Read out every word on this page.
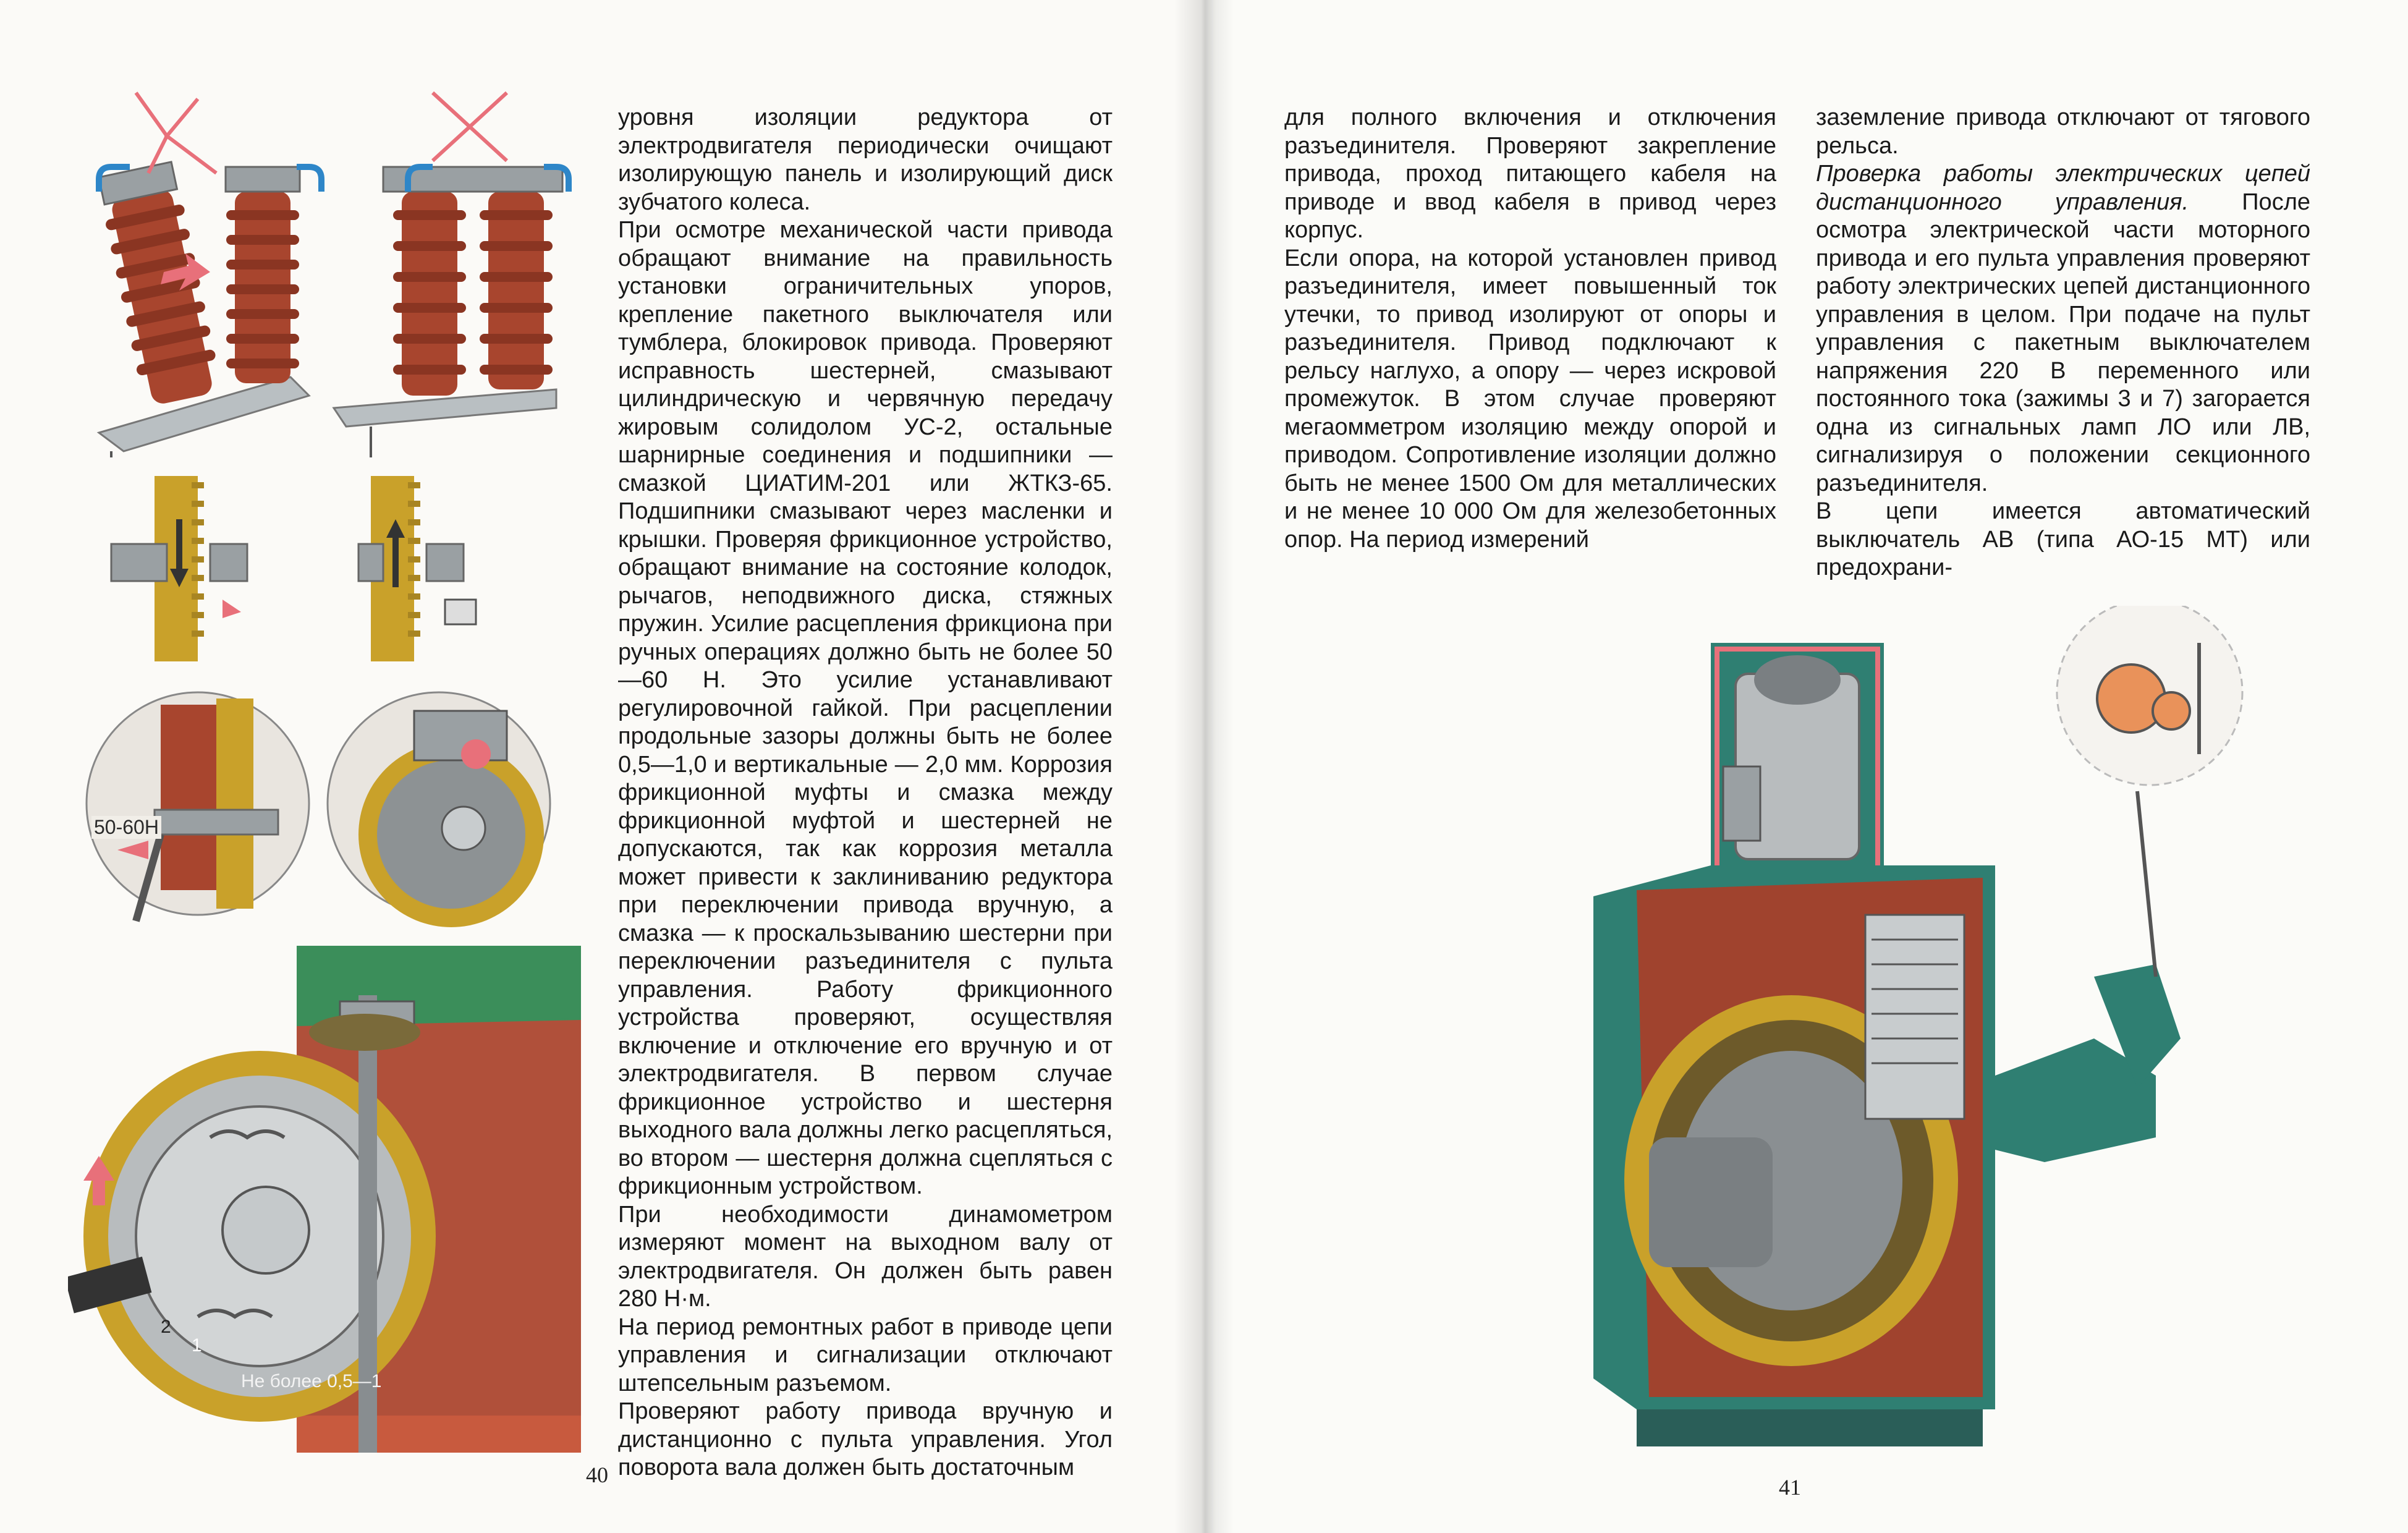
50-60Н
Не более 0,5—1
1
2

уровня изоляции редуктора от электродвигателя периодически очищают изолирующую панель и изолирующий диск зубчатого колеса.

При осмотре механической части привода обращают внимание на правильность установки ограничительных упоров, крепление пакетного выключателя или тумблера, блокировок привода. Проверяют исправность шестерней, смазывают цилиндрическую и червячную передачу жировым солидолом УС-2, остальные шарнирные соединения и подшипники — смазкой ЦИАТИМ-201 или ЖТКЗ-65. Подшипники смазывают через масленки и крышки. Проверяя фрикционное устройство, обращают внимание на состояние колодок, рычагов, неподвижного диска, стяжных пружин. Усилие расцепления фрикциона при ручных операциях должно быть не более 50—60 Н. Это усилие устанавливают регулировочной гайкой. При расцеплении продольные зазоры должны быть не более 0,5—1,0 и вертикальные — 2,0 мм. Коррозия фрикционной муфты и смазка между фрикционной муфтой и шестерней не допускаются, так как коррозия металла может привести к заклиниванию редуктора при переключении привода вручную, а смазка — к проскальзыванию шестерни при переключении разъединителя с пульта управления. Работу фрикционного устройства проверяют, осуществляя включение и отключение его вручную и от электродвигателя. В первом случае фрикционное устройство и шестерня выходного вала должны легко расцепляться, во втором — шестерня должна сцепляться с фрикционным устройством.

При необходимости динамометром измеряют момент на выходном валу от электродвигателя. Он должен быть равен 280 Н·м.

На период ремонтных работ в приводе цепи управления и сигнализации отключают штепсельным разъемом.

Проверяют работу привода вручную и дистанционно с пульта управления. Угол поворота вала должен быть достаточным

40

для полного включения и отключения разъединителя. Проверяют закрепление привода, проход питающего кабеля на приводе и ввод кабеля в привод через корпус.

Если опора, на которой установлен привод разъединителя, имеет повышенный ток утечки, то привод изолируют от опоры и разъединителя. Привод подключают к рельсу наглухо, а опору — через искровой промежуток. В этом случае проверяют мегаомметром изоляцию между опорой и приводом. Сопротивление изоляции должно быть не менее 1500 Ом для металлических и не менее 10 000 Ом для железобетонных опор. На период измерений

заземление привода отключают от тягового рельса.

Проверка работы электрических цепей дистанционного управления. После осмотра электрической части моторного привода и его пульта управления проверяют работу электрических цепей дистанционного управления в целом. При подаче на пульт управления с пакетным выключателем напряжения 220 В переменного или постоянного тока (зажимы 3 и 7) загорается одна из сигнальных ламп ЛО или ЛВ, сигнализируя о положении секционного разъединителя.

В цепи имеется автоматический выключатель АВ (типа АО-15 МТ) или предохрани-

41
